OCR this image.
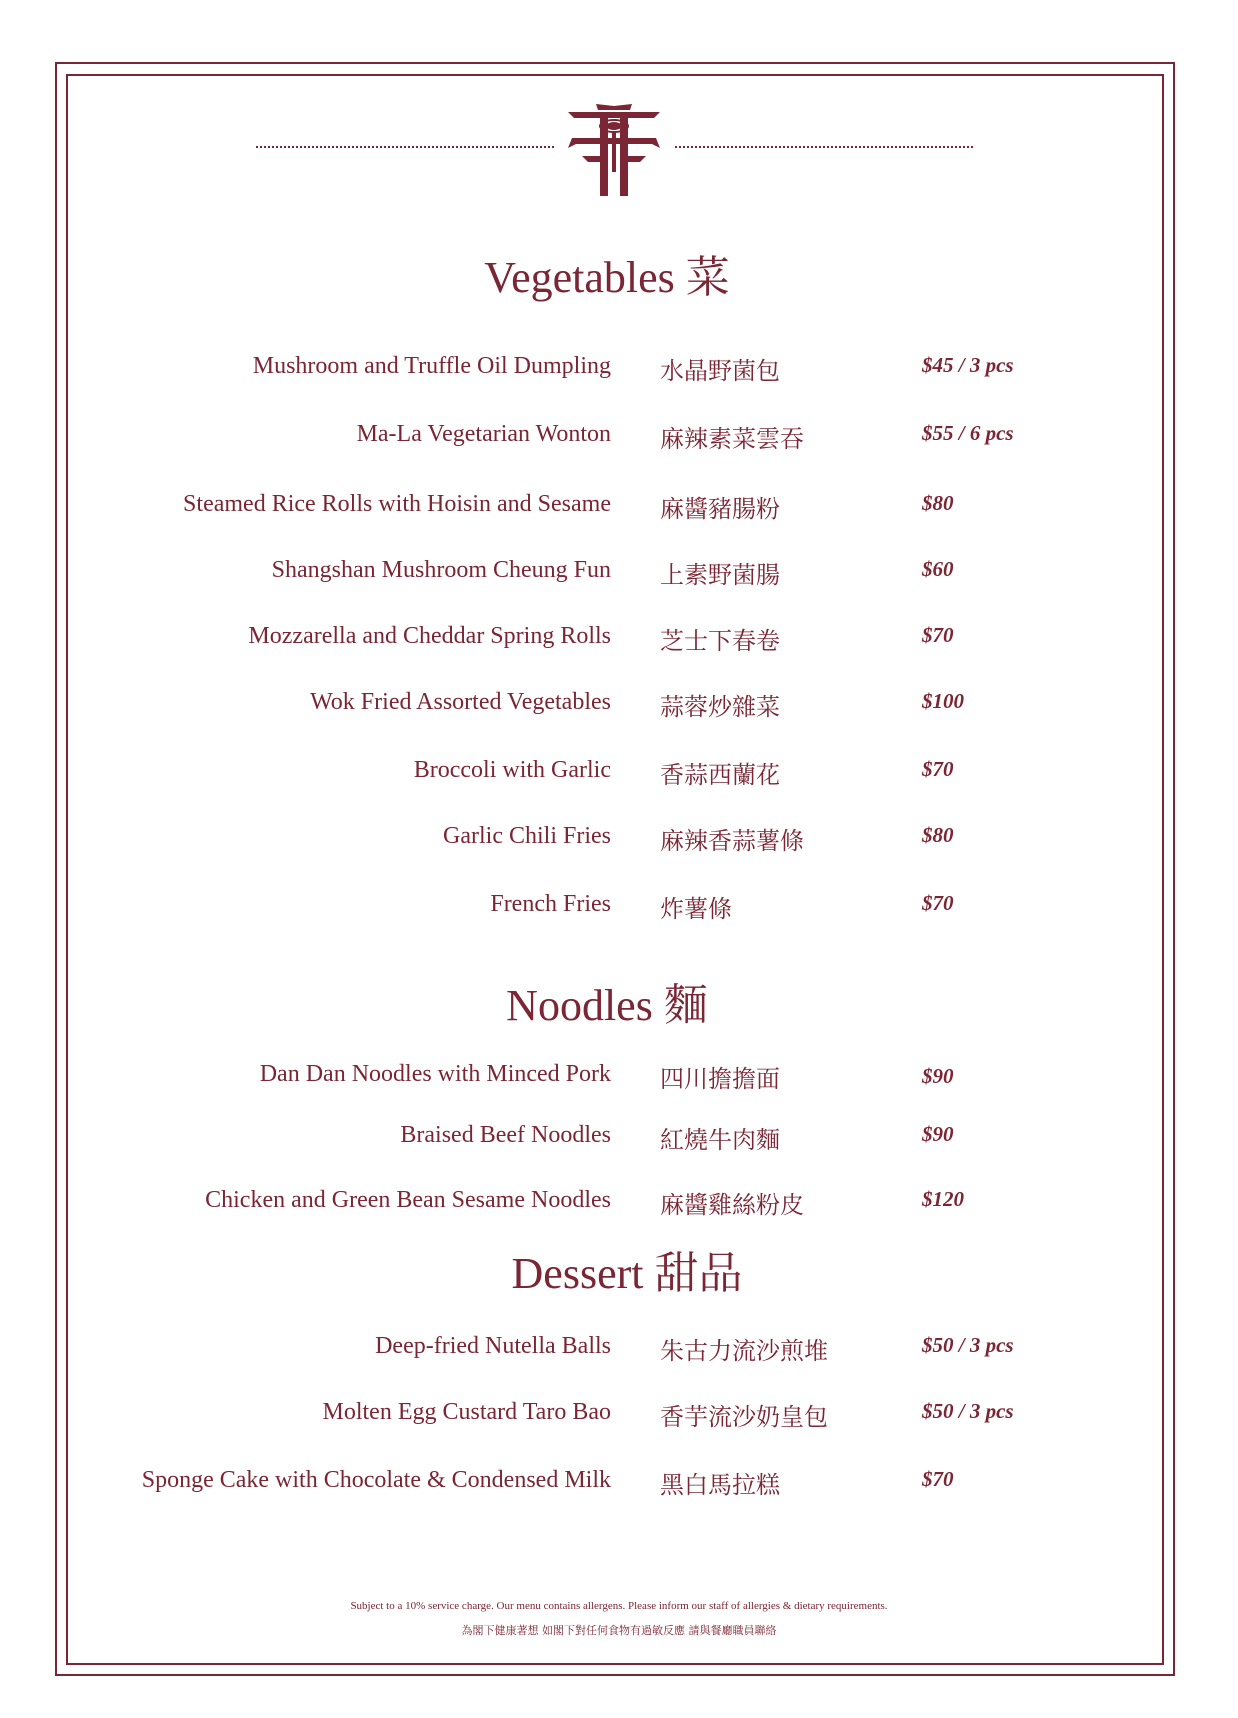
Vegetables 菜
Mushroom and Truffle Oil Dumpling 水晶野菌包	$45 / 3 pcs
Ma-La Vegetarian Wonton 麻辣素菜雲吞	$55 / 6 pcs
Steamed Rice Rolls with Hoisin and Sesame 麻醬豬腸粉	$80
Shangshan Mushroom Cheung Fun 上素野菌腸	$60
Mozzarella and Cheddar Spring Rolls 芝士下春卷	$70
Wok Fried Assorted Vegetables 蒜蓉炒雜菜	$100
Broccoli with Garlic 香蒜西蘭花	$70
Garlic Chili Fries 麻辣香蒜薯條	$80
French Fries 炸薯條	$70
Noodles 麵
Dan Dan Noodles with Minced Pork 四川擔擔面	$90
Braised Beef Noodles 紅燒牛肉麵	$90
Chicken and Green Bean Sesame Noodles 麻醬雞絲粉皮	$120
Dessert 甜品
Deep-fried Nutella Balls 朱古力流沙煎堆	$50 / 3 pcs
Molten Egg Custard Taro Bao 香芋流沙奶皇包	$50 / 3 pcs
Sponge Cake with Chocolate & Condensed Milk 黑白馬拉糕	$70
Subject to a 10% service charge. Our menu contains allergens. Please inform our staff of allergies & dietary requirements.
為閣下健康著想 如閣下對任何食物有過敏反應 請與餐廳職員聯絡
